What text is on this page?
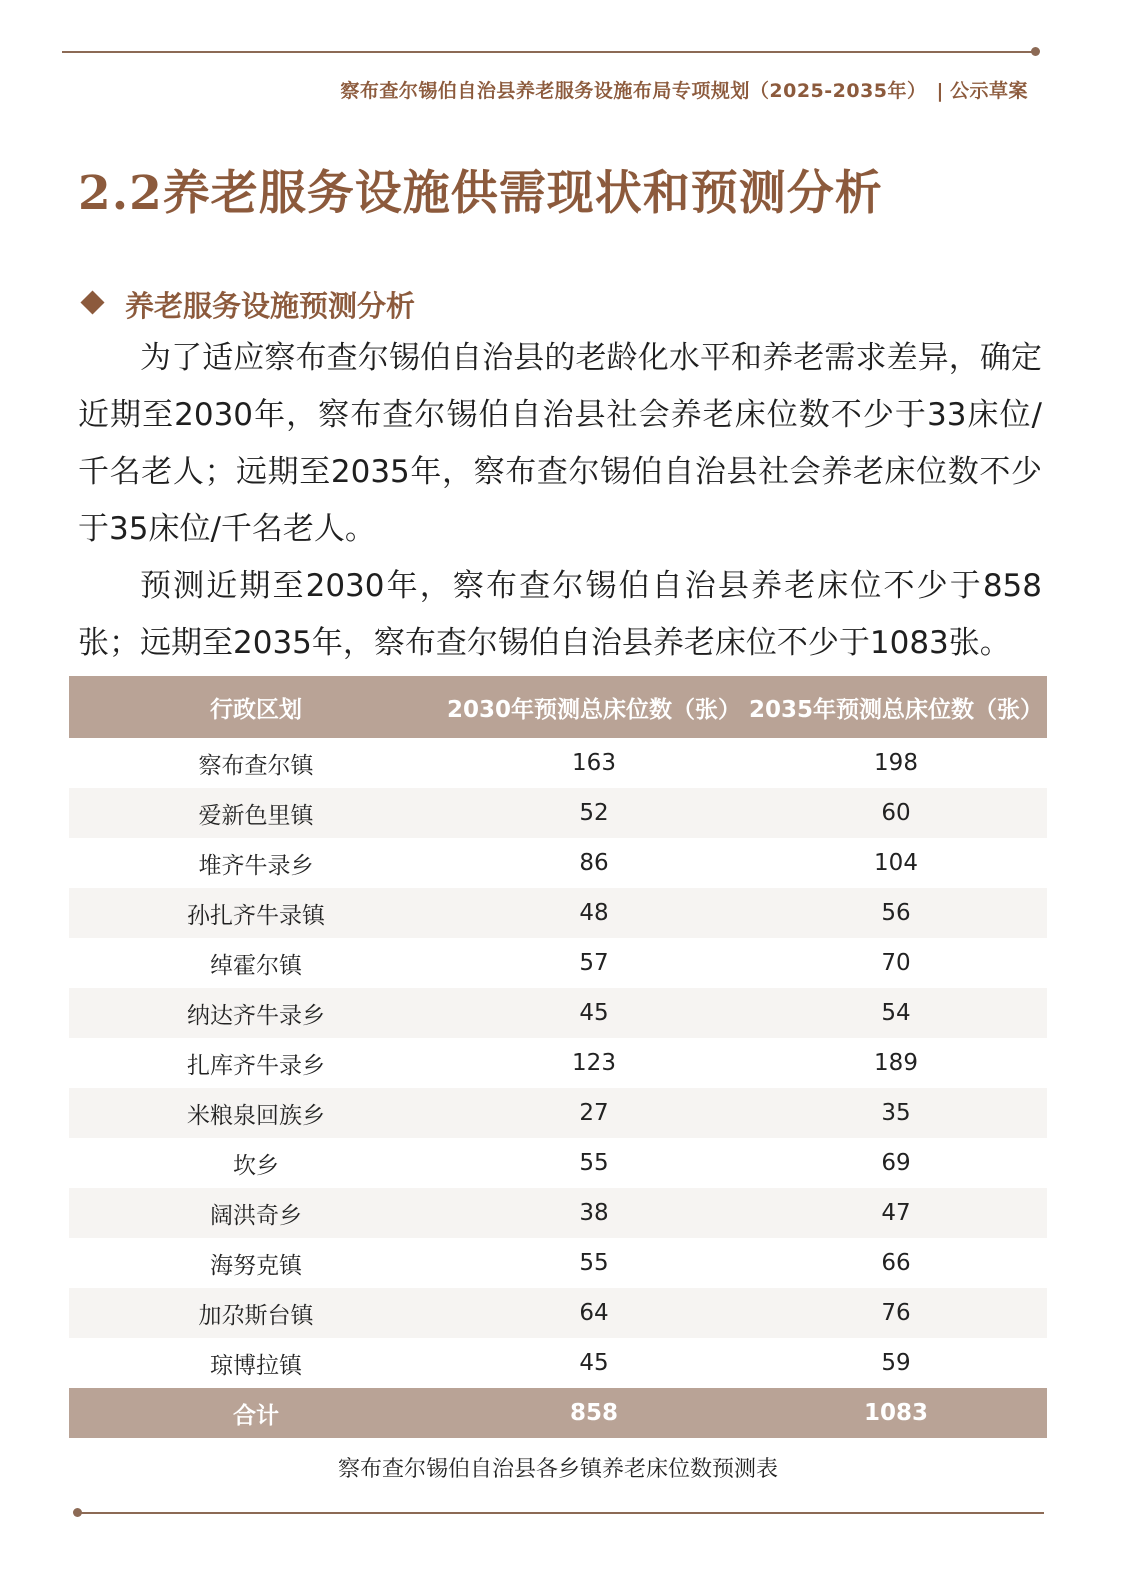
察布查尔锡伯自治县养老服务设施布局专项规划（2025-2035年） | 公示草案
2.2养老服务设施供需现状和预测分析
养老服务设施预测分析

为了适应察布查尔锡伯自治县的老龄化水平和养老需求差异，确定近期至2030年，察布查尔锡伯自治县社会养老床位数不少于33床位/千名老人；远期至2035年，察布查尔锡伯自治县社会养老床位数不少于35床位/千名老人。

预测近期至2030年，察布查尔锡伯自治县养老床位不少于858张；远期至2035年，察布查尔锡伯自治县养老床位不少于1083张。

行政区划	2030年预测总床位数（张）	2035年预测总床位数（张）
察布查尔镇	163	198
爱新色里镇	52	60
堆齐牛录乡	86	104
孙扎齐牛录镇	48	56
绰霍尔镇	57	70
纳达齐牛录乡	45	54
扎库齐牛录乡	123	189
米粮泉回族乡	27	35
坎乡	55	69
阔洪奇乡	38	47
海努克镇	55	66
加尕斯台镇	64	76
琼博拉镇	45	59
合计	858	1083
察布查尔锡伯自治县各乡镇养老床位数预测表
